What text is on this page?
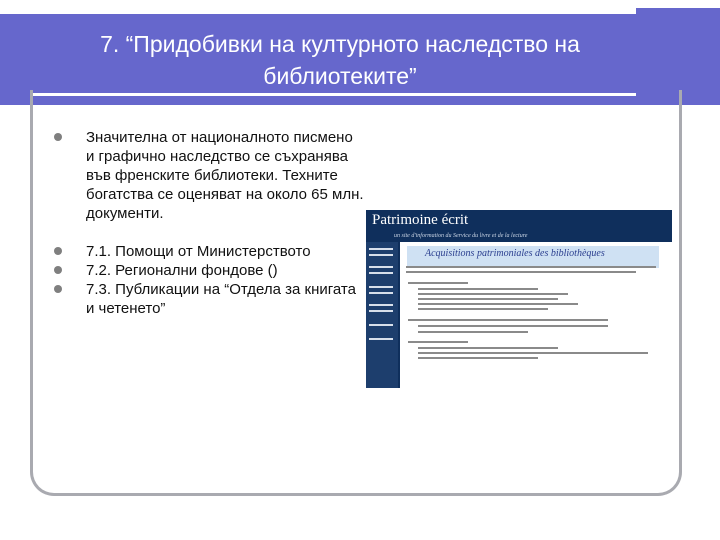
7. “Придобивки на културното наследство на библиотеките”
Значителна от националното писмено и графично наследство се съхранява във френските библиотеки. Техните богатства се оценяват на около 65 млн. документи.
7.1. Помощи от Министерството
7.2. Регионални фондове ()
7.3. Публикации на “Отдела за книгата и четенето”
Patrimoine écrit
un site d'information du Service du livre et de la lecture
Acquisitions patrimoniales des bibliothèques
